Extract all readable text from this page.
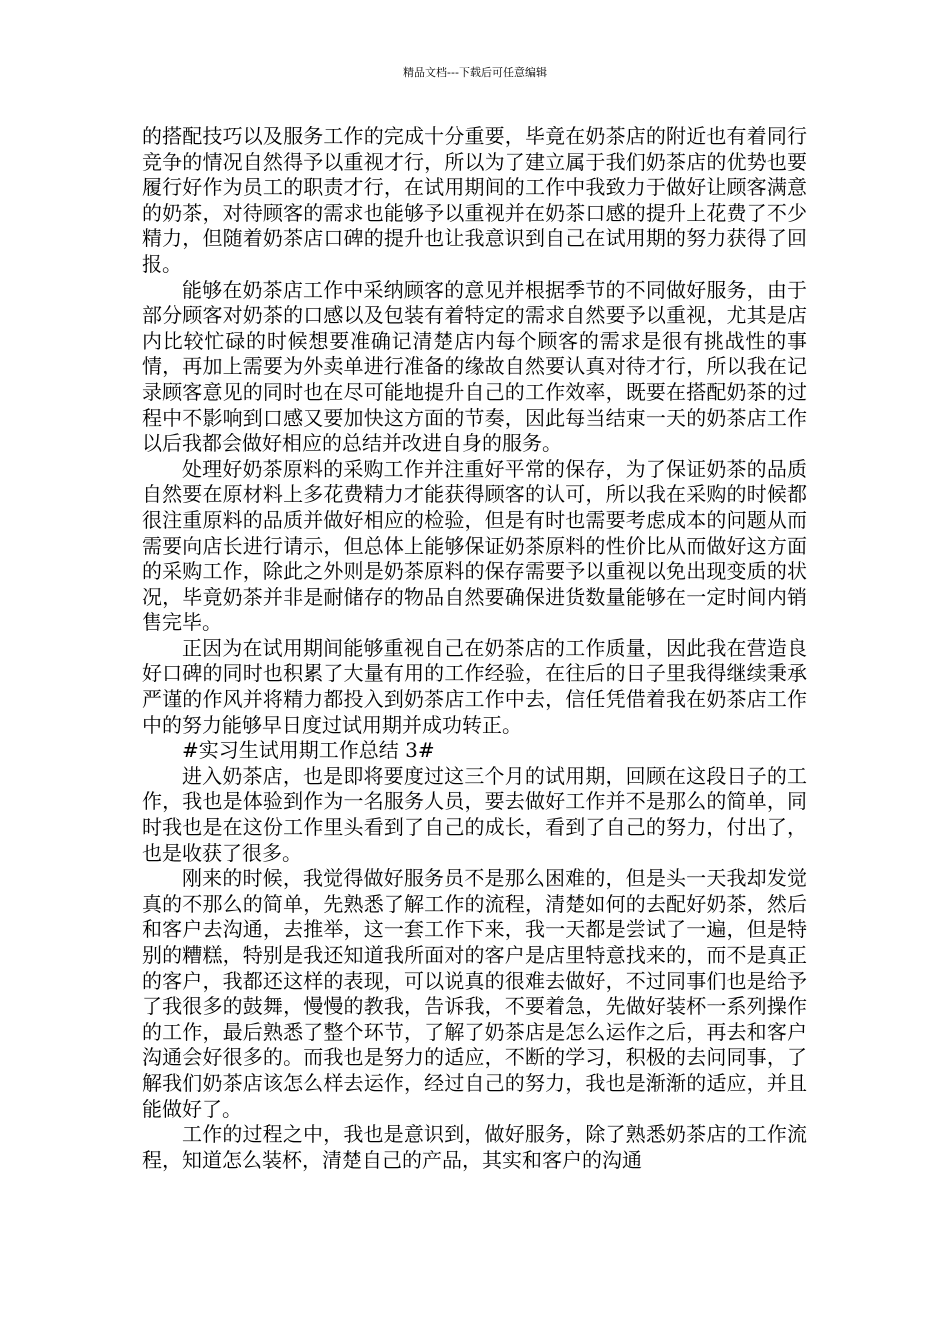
精品文档---下载后可任意编辑

的搭配技巧以及服务工作的完成十分重要，毕竟在奶茶店的附近也有着同行竞争的情况自然得予以重视才行，所以为了建立属于我们奶茶店的优势也要履行好作为员工的职责才行，在试用期间的工作中我致力于做好让顾客满意的奶茶，对待顾客的需求也能够予以重视并在奶茶口感的提升上花费了不少精力，但随着奶茶店口碑的提升也让我意识到自己在试用期的努力获得了回报。

能够在奶茶店工作中采纳顾客的意见并根据季节的不同做好服务，由于部分顾客对奶茶的口感以及包装有着特定的需求自然要予以重视，尤其是店内比较忙碌的时候想要准确记清楚店内每个顾客的需求是很有挑战性的事情，再加上需要为外卖单进行准备的缘故自然要认真对待才行，所以我在记录顾客意见的同时也在尽可能地提升自己的工作效率，既要在搭配奶茶的过程中不影响到口感又要加快这方面的节奏，因此每当结束一天的奶茶店工作以后我都会做好相应的总结并改进自身的服务。

处理好奶茶原料的采购工作并注重好平常的保存，为了保证奶茶的品质自然要在原材料上多花费精力才能获得顾客的认可，所以我在采购的时候都很注重原料的品质并做好相应的检验，但是有时也需要考虑成本的问题从而需要向店长进行请示，但总体上能够保证奶茶原料的性价比从而做好这方面的采购工作，除此之外则是奶茶原料的保存需要予以重视以免出现变质的状况，毕竟奶茶并非是耐储存的物品自然要确保进货数量能够在一定时间内销售完毕。

正因为在试用期间能够重视自己在奶茶店的工作质量，因此我在营造良好口碑的同时也积累了大量有用的工作经验，在往后的日子里我得继续秉承严谨的作风并将精力都投入到奶茶店工作中去，信任凭借着我在奶茶店工作中的努力能够早日度过试用期并成功转正。

#实习生试用期工作总结 3#

进入奶茶店，也是即将要度过这三个月的试用期，回顾在这段日子的工作，我也是体验到作为一名服务人员，要去做好工作并不是那么的简单，同时我也是在这份工作里头看到了自己的成长，看到了自己的努力，付出了，也是收获了很多。

刚来的时候，我觉得做好服务员不是那么困难的，但是头一天我却发觉真的不那么的简单，先熟悉了解工作的流程，清楚如何的去配好奶茶，然后和客户去沟通，去推举，这一套工作下来，我一天都是尝试了一遍，但是特别的糟糕，特别是我还知道我所面对的客户是店里特意找来的，而不是真正的客户，我都还这样的表现，可以说真的很难去做好，不过同事们也是给予了我很多的鼓舞，慢慢的教我，告诉我，不要着急，先做好装杯一系列操作的工作，最后熟悉了整个环节，了解了奶茶店是怎么运作之后，再去和客户沟通会好很多的。而我也是努力的适应，不断的学习，积极的去问同事，了解我们奶茶店该怎么样去运作，经过自己的努力，我也是渐渐的适应，并且能做好了。

工作的过程之中，我也是意识到，做好服务，除了熟悉奶茶店的工作流程，知道怎么装杯，清楚自己的产品，其实和客户的沟通
